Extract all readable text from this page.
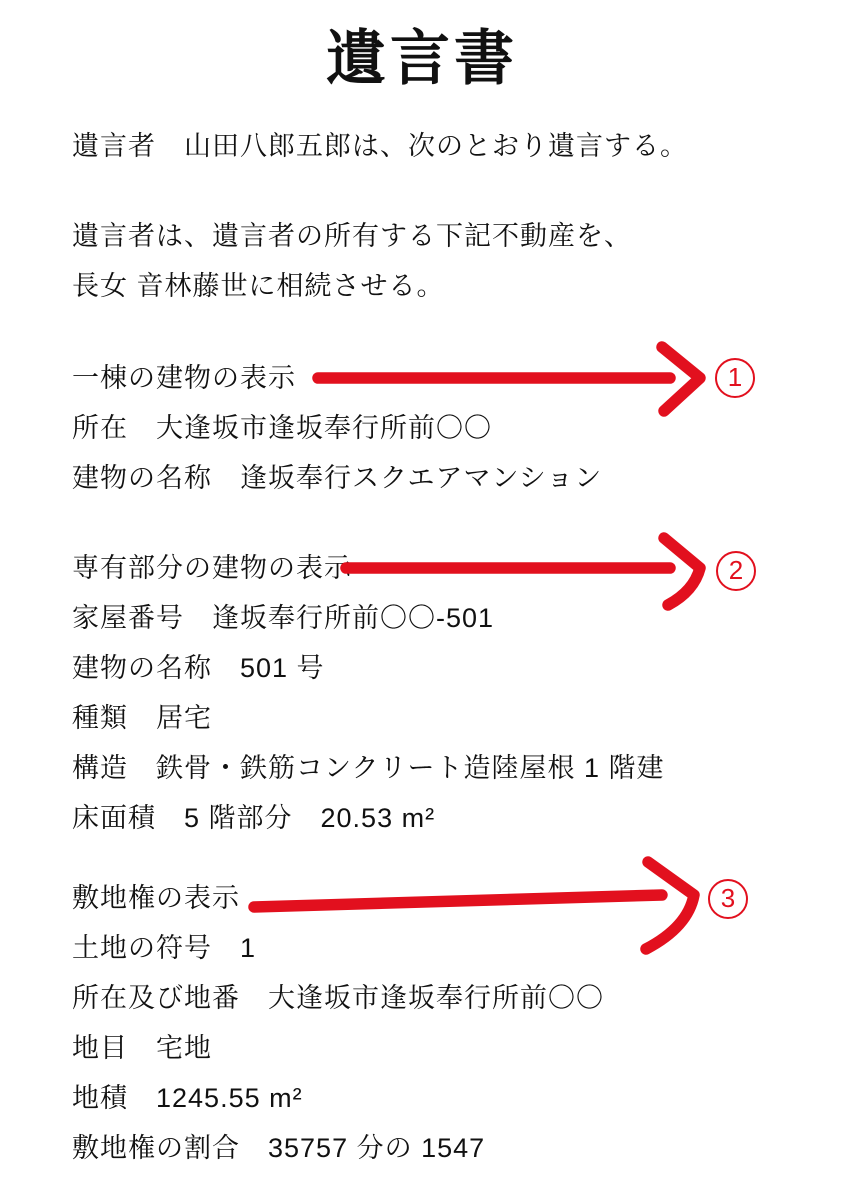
遺言書
遺言者　山田八郎五郎は、次のとおり遺言する。
遺言者は、遺言者の所有する下記不動産を、
長女 音林藤世に相続させる。
一棟の建物の表示
所在　大逢坂市逢坂奉行所前〇〇
建物の名称　逢坂奉行スクエアマンション
専有部分の建物の表示
家屋番号　逢坂奉行所前〇〇-501
建物の名称　501 号
種類　居宅
構造　鉄骨・鉄筋コンクリート造陸屋根 1 階建
床面積　5 階部分　20.53 m²
敷地権の表示
土地の符号　1
所在及び地番　大逢坂市逢坂奉行所前〇〇
地目　宅地
地積　1245.55 m²
敷地権の割合　35757 分の 1547
1
2
3
